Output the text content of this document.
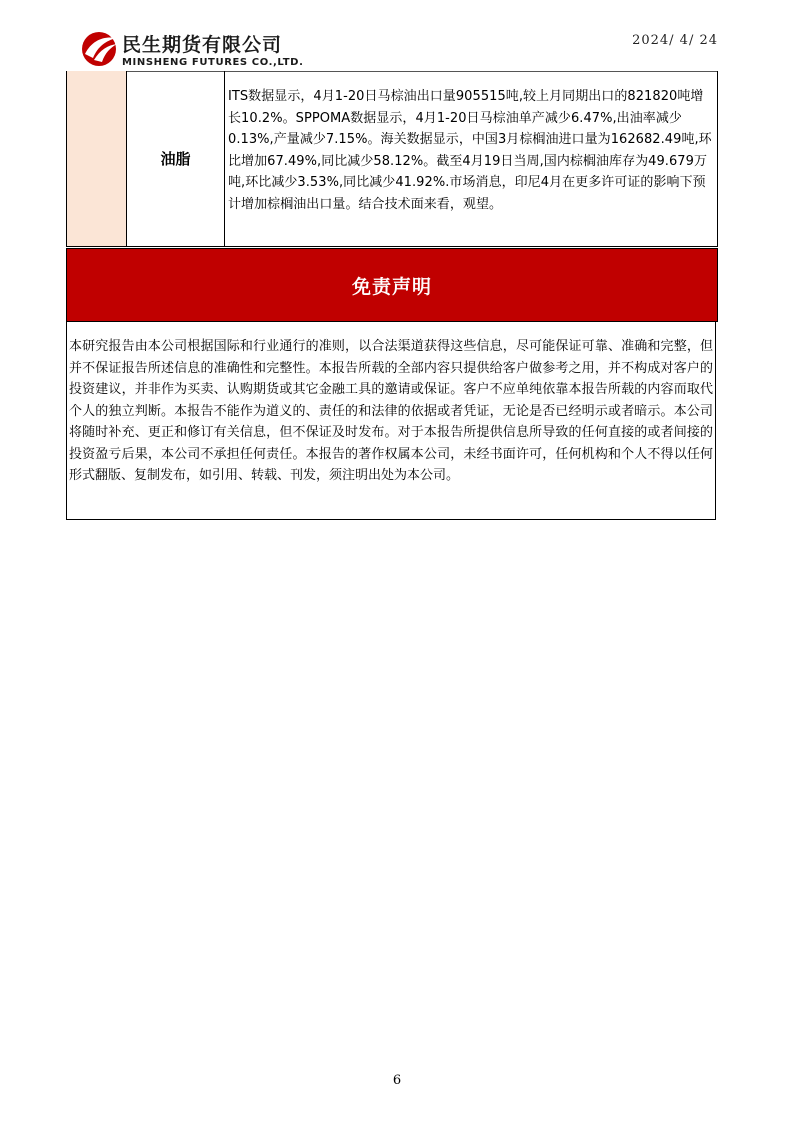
民生期货有限公司
MINSHENG FUTURES CO.,LTD.
2024/ 4/ 24
油脂
ITS数据显示，4月1-20日马棕油出口量905515吨,较上月同期出口的821820吨增长10.2%。SPPOMA数据显示，4月1-20日马棕油单产减少6.47%,出油率减少0.13%,产量减少7.15%。海关数据显示，中国3月棕榈油进口量为162682.49吨,环比增加67.49%,同比减少58.12%。截至4月19日当周,国内棕榈油库存为49.679万吨,环比减少3.53%,同比减少41.92%.市场消息，印尼4月在更多许可证的影响下预计增加棕榈油出口量。结合技术面来看，观望。
免责声明
本研究报告由本公司根据国际和行业通行的准则，以合法渠道获得这些信息，尽可能保证可靠、准确和完整，但并不保证报告所述信息的准确性和完整性。本报告所载的全部内容只提供给客户做参考之用，并不构成对客户的投资建议，并非作为买卖、认购期货或其它金融工具的邀请或保证。客户不应单纯依靠本报告所载的内容而取代个人的独立判断。本报告不能作为道义的、责任的和法律的依据或者凭证，无论是否已经明示或者暗示。本公司将随时补充、更正和修订有关信息，但不保证及时发布。对于本报告所提供信息所导致的任何直接的或者间接的投资盈亏后果，本公司不承担任何责任。本报告的著作权属本公司，未经书面许可，任何机构和个人不得以任何形式翻版、复制发布，如引用、转载、刊发，须注明出处为本公司。
6
